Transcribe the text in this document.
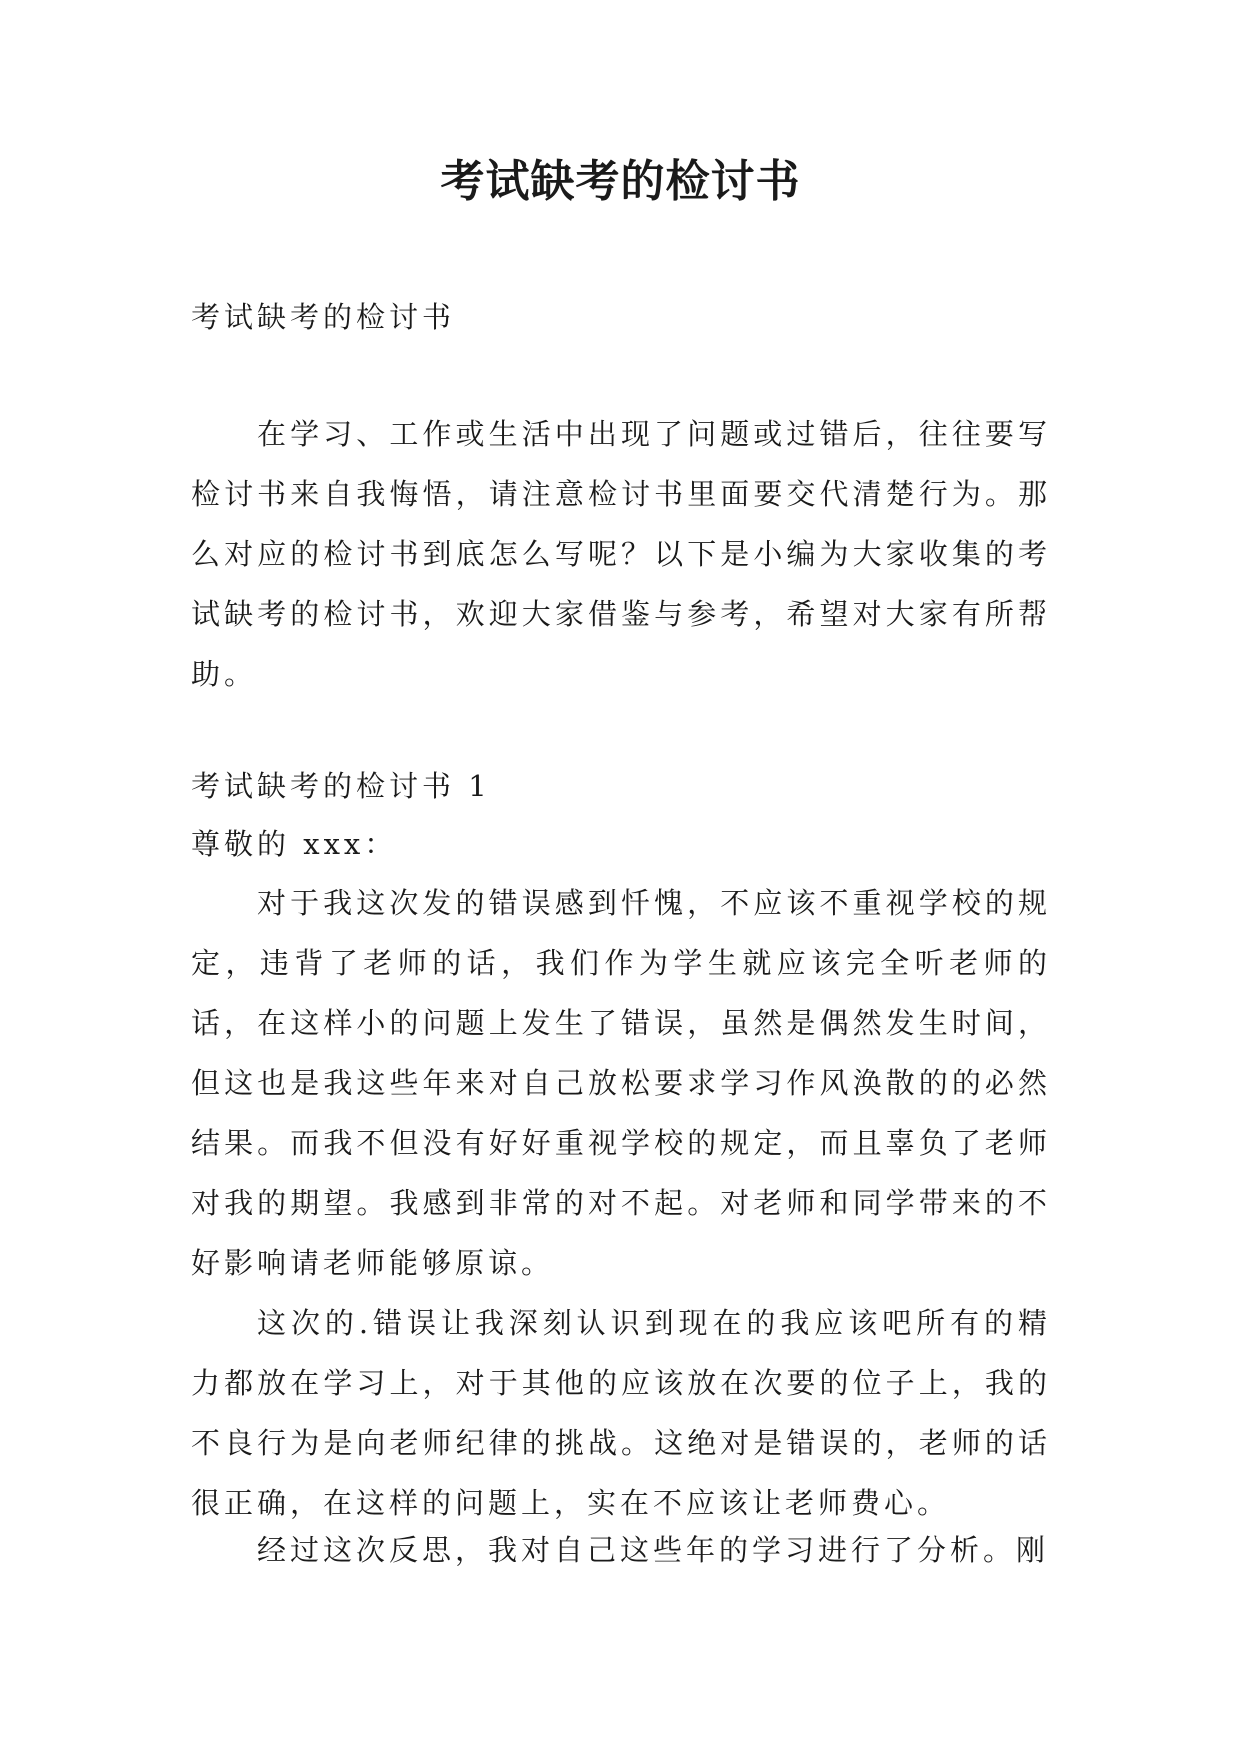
考试缺考的检讨书

考试缺考的检讨书

在学习、工作或生活中出现了问题或过错后，往往要写检讨书来自我悔悟，请注意检讨书里面要交代清楚行为。那么对应的检讨书到底怎么写呢？以下是小编为大家收集的考试缺考的检讨书，欢迎大家借鉴与参考，希望对大家有所帮助。

考试缺考的检讨书 1

尊敬的 xxx：

对于我这次发的错误感到忏愧，不应该不重视学校的规定，违背了老师的话，我们作为学生就应该完全听老师的话，在这样小的问题上发生了错误，虽然是偶然发生时间，但这也是我这些年来对自己放松要求学习作风涣散的的必然结果。而我不但没有好好重视学校的规定，而且辜负了老师对我的期望。我感到非常的对不起。对老师和同学带来的不好影响请老师能够原谅。

这次的.错误让我深刻认识到现在的我应该吧所有的精力都放在学习上，对于其他的应该放在次要的位子上，我的不良行为是向老师纪律的挑战。这绝对是错误的，老师的话很正确，在这样的问题上，实在不应该让老师费心。

经过这次反思，我对自己这些年的学习进行了分析。刚
